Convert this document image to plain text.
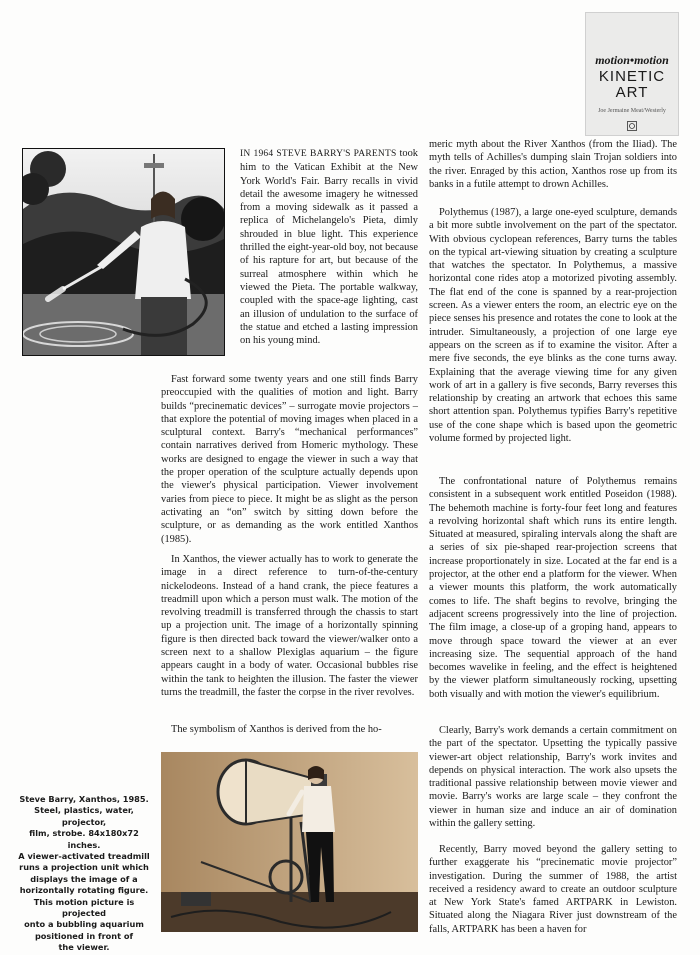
motion•motion
KINETIC
ART
Joe Jermaine Meat/Westerly

IN 1964 STEVE BARRY'S PARENTS took him to the Vatican Exhibit at the New York World's Fair. Barry recalls in vivid detail the awesome imagery he witnessed from a moving sidewalk as it passed a replica of Michelangelo's Pieta, dimly shrouded in blue light. This experience thrilled the eight-year-old boy, not because of his rapture for art, but because of the surreal atmosphere within which he viewed the Pieta. The portable walkway, coupled with the space-age lighting, cast an illusion of undulation to the surface of the statue and etched a lasting impression on his young mind.

Fast forward some twenty years and one still finds Barry preoccupied with the qualities of motion and light. Barry builds “precinematic devices” – surrogate movie projectors – that explore the potential of moving images when placed in a sculptural context. Barry's “mechanical performances” contain narratives derived from Homeric mythology. These works are designed to engage the viewer in such a way that the proper operation of the sculpture actually depends upon the viewer's physical participation. Viewer involvement varies from piece to piece. It might be as slight as the person activating an “on” switch by sitting down before the sculpture, or as demanding as the work entitled Xanthos (1985).

In Xanthos, the viewer actually has to work to generate the image in a direct reference to turn-of-the-century nickelodeons. Instead of a hand crank, the piece features a treadmill upon which a person must walk. The motion of the revolving treadmill is transferred through the chassis to start up a projection unit. The image of a horizontally spinning figure is then directed back toward the viewer/walker onto a screen next to a shallow Plexiglas aquarium – the figure appears caught in a body of water. Occasional bubbles rise within the tank to heighten the illusion. The faster the viewer turns the treadmill, the faster the corpse in the river revolves.

The symbolism of Xanthos is derived from the ho-

Steve Barry, Xanthos, 1985.
Steel, plastics, water, projector,
film, strobe. 84x180x72 inches.
A viewer-activated treadmill
runs a projection unit which
displays the image of a
horizontally rotating figure.
This motion picture is projected
onto a bubbling aquarium
positioned in front of
the viewer.

meric myth about the River Xanthos (from the Iliad). The myth tells of Achilles's dumping slain Trojan soldiers into the river. Enraged by this action, Xanthos rose up from its banks in a futile attempt to drown Achilles.

Polythemus (1987), a large one-eyed sculpture, demands a bit more subtle involvement on the part of the spectator. With obvious cyclopean references, Barry turns the tables on the typical art-viewing situation by creating a sculpture that watches the spectator. In Polythemus, a massive horizontal cone rides atop a motorized pivoting assembly. The flat end of the cone is spanned by a rear-projection screen. As a viewer enters the room, an electric eye on the piece senses his presence and rotates the cone to look at the intruder. Simultaneously, a projection of one large eye appears on the screen as if to examine the visitor. After a mere five seconds, the eye blinks as the cone turns away. Explaining that the average viewing time for any given work of art in a gallery is five seconds, Barry reverses this relationship by creating an artwork that echoes this same short attention span. Polythemus typifies Barry's repetitive use of the cone shape which is based upon the geometric volume formed by projected light.

The confrontational nature of Polythemus remains consistent in a subsequent work entitled Poseidon (1988). The behemoth machine is forty-four feet long and features a revolving horizontal shaft which runs its entire length. Situated at measured, spiraling intervals along the shaft are a series of six pie-shaped rear-projection screens that increase proportionately in size. Located at the far end is a projector, at the other end a platform for the viewer. When a viewer mounts this platform, the work automatically comes to life. The shaft begins to revolve, bringing the adjacent screens progressively into the line of projection. The film image, a close-up of a groping hand, appears to move through space toward the viewer at an ever increasing size. The sequential approach of the hand becomes wavelike in feeling, and the effect is heightened by the viewer platform simultaneously rocking, upsetting both visually and with motion the viewer's equilibrium.

Clearly, Barry's work demands a certain commitment on the part of the spectator. Upsetting the typically passive viewer-art object relationship, Barry's work invites and depends on physical interaction. The work also upsets the traditional passive relationship between movie viewer and movie. Barry's works are large scale – they confront the viewer in human size and induce an air of domination within the gallery setting.

Recently, Barry moved beyond the gallery setting to further exaggerate his “precinematic movie projector” investigation. During the summer of 1988, the artist received a residency award to create an outdoor sculpture at New York State's famed ARTPARK in Lewiston. Situated along the Niagara River just downstream of the falls, ARTPARK has been a haven for
